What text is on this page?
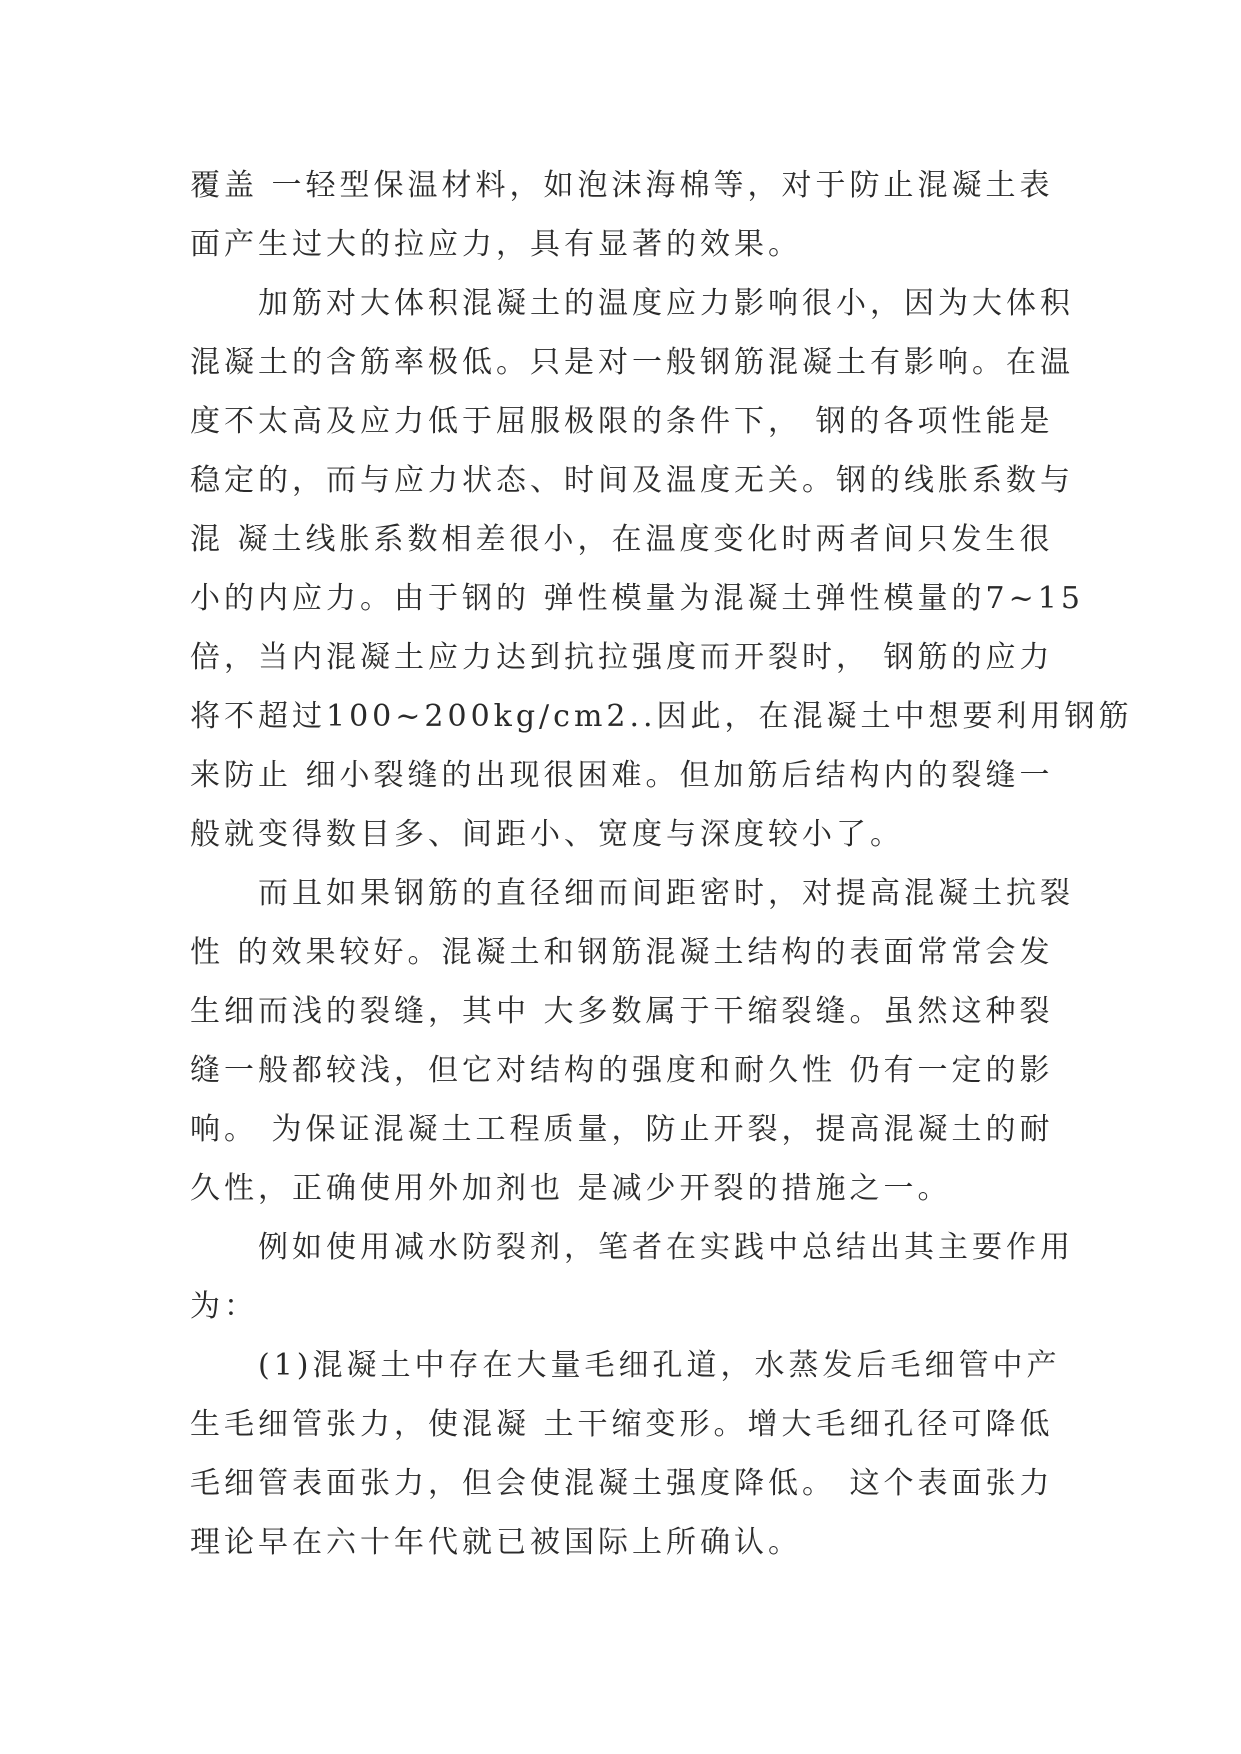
覆盖 一轻型保温材料，如泡沫海棉等，对于防止混凝土表
面产生过大的拉应力，具有显著的效果。

加筋对大体积混凝土的温度应力影响很小，因为大体积
混凝土的含筋率极低。只是对一般钢筋混凝土有影响。在温
度不太高及应力低于屈服极限的条件下， 钢的各项性能是
稳定的，而与应力状态、时间及温度无关。钢的线胀系数与
混 凝土线胀系数相差很小，在温度变化时两者间只发生很
小的内应力。由于钢的 弹性模量为混凝土弹性模量的7~15
倍，当内混凝土应力达到抗拉强度而开裂时， 钢筋的应力
将不超过100~200kg/cm2..因此，在混凝土中想要利用钢筋
来防止 细小裂缝的出现很困难。但加筋后结构内的裂缝一
般就变得数目多、间距小、宽度与深度较小了。

而且如果钢筋的直径细而间距密时，对提高混凝土抗裂
性 的效果较好。混凝土和钢筋混凝土结构的表面常常会发
生细而浅的裂缝，其中 大多数属于干缩裂缝。虽然这种裂
缝一般都较浅，但它对结构的强度和耐久性 仍有一定的影
响。 为保证混凝土工程质量，防止开裂，提高混凝土的耐
久性，正确使用外加剂也 是减少开裂的措施之一。

例如使用减水防裂剂，笔者在实践中总结出其主要作用
为：

(1)混凝土中存在大量毛细孔道，水蒸发后毛细管中产
生毛细管张力，使混凝 土干缩变形。增大毛细孔径可降低
毛细管表面张力，但会使混凝土强度降低。 这个表面张力
理论早在六十年代就已被国际上所确认。
